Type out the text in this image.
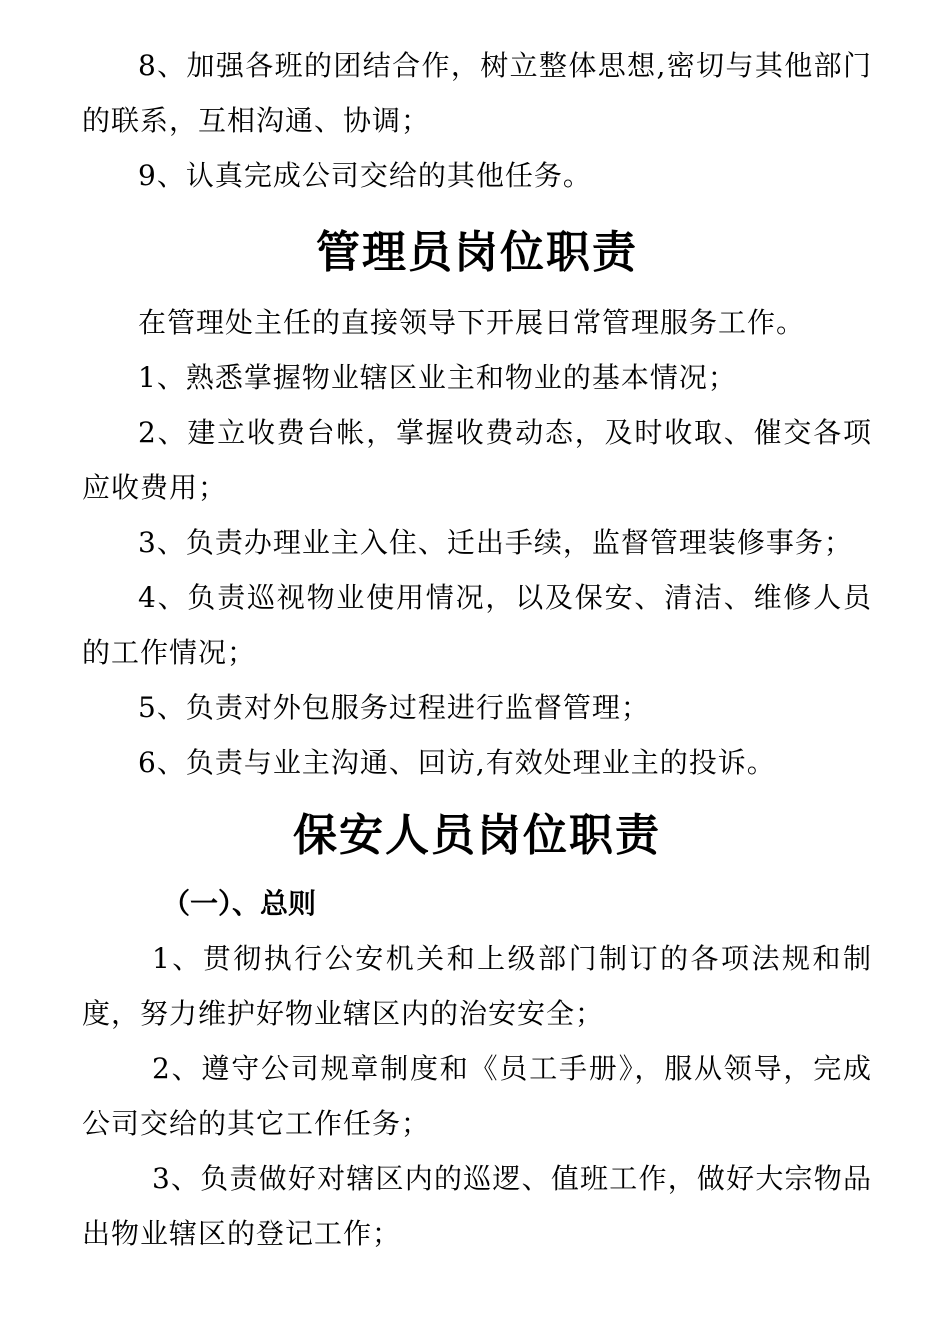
8、加强各班的团结合作，树立整体思想,密切与其他部门的联系，互相沟通、协调；

9、认真完成公司交给的其他任务。

管理员岗位职责

在管理处主任的直接领导下开展日常管理服务工作。

1、熟悉掌握物业辖区业主和物业的基本情况；

2、建立收费台帐，掌握收费动态，及时收取、催交各项应收费用；

3、负责办理业主入住、迁出手续，监督管理装修事务；

4、负责巡视物业使用情况，以及保安、清洁、维修人员的工作情况；

5、负责对外包服务过程进行监督管理；

6、负责与业主沟通、回访,有效处理业主的投诉。

保安人员岗位职责
（一）、总则

1、贯彻执行公安机关和上级部门制订的各项法规和制度，努力维护好物业辖区内的治安安全；

2、遵守公司规章制度和《员工手册》，服从领导，完成公司交给的其它工作任务；

3、负责做好对辖区内的巡逻、值班工作，做好大宗物品出物业辖区的登记工作；
